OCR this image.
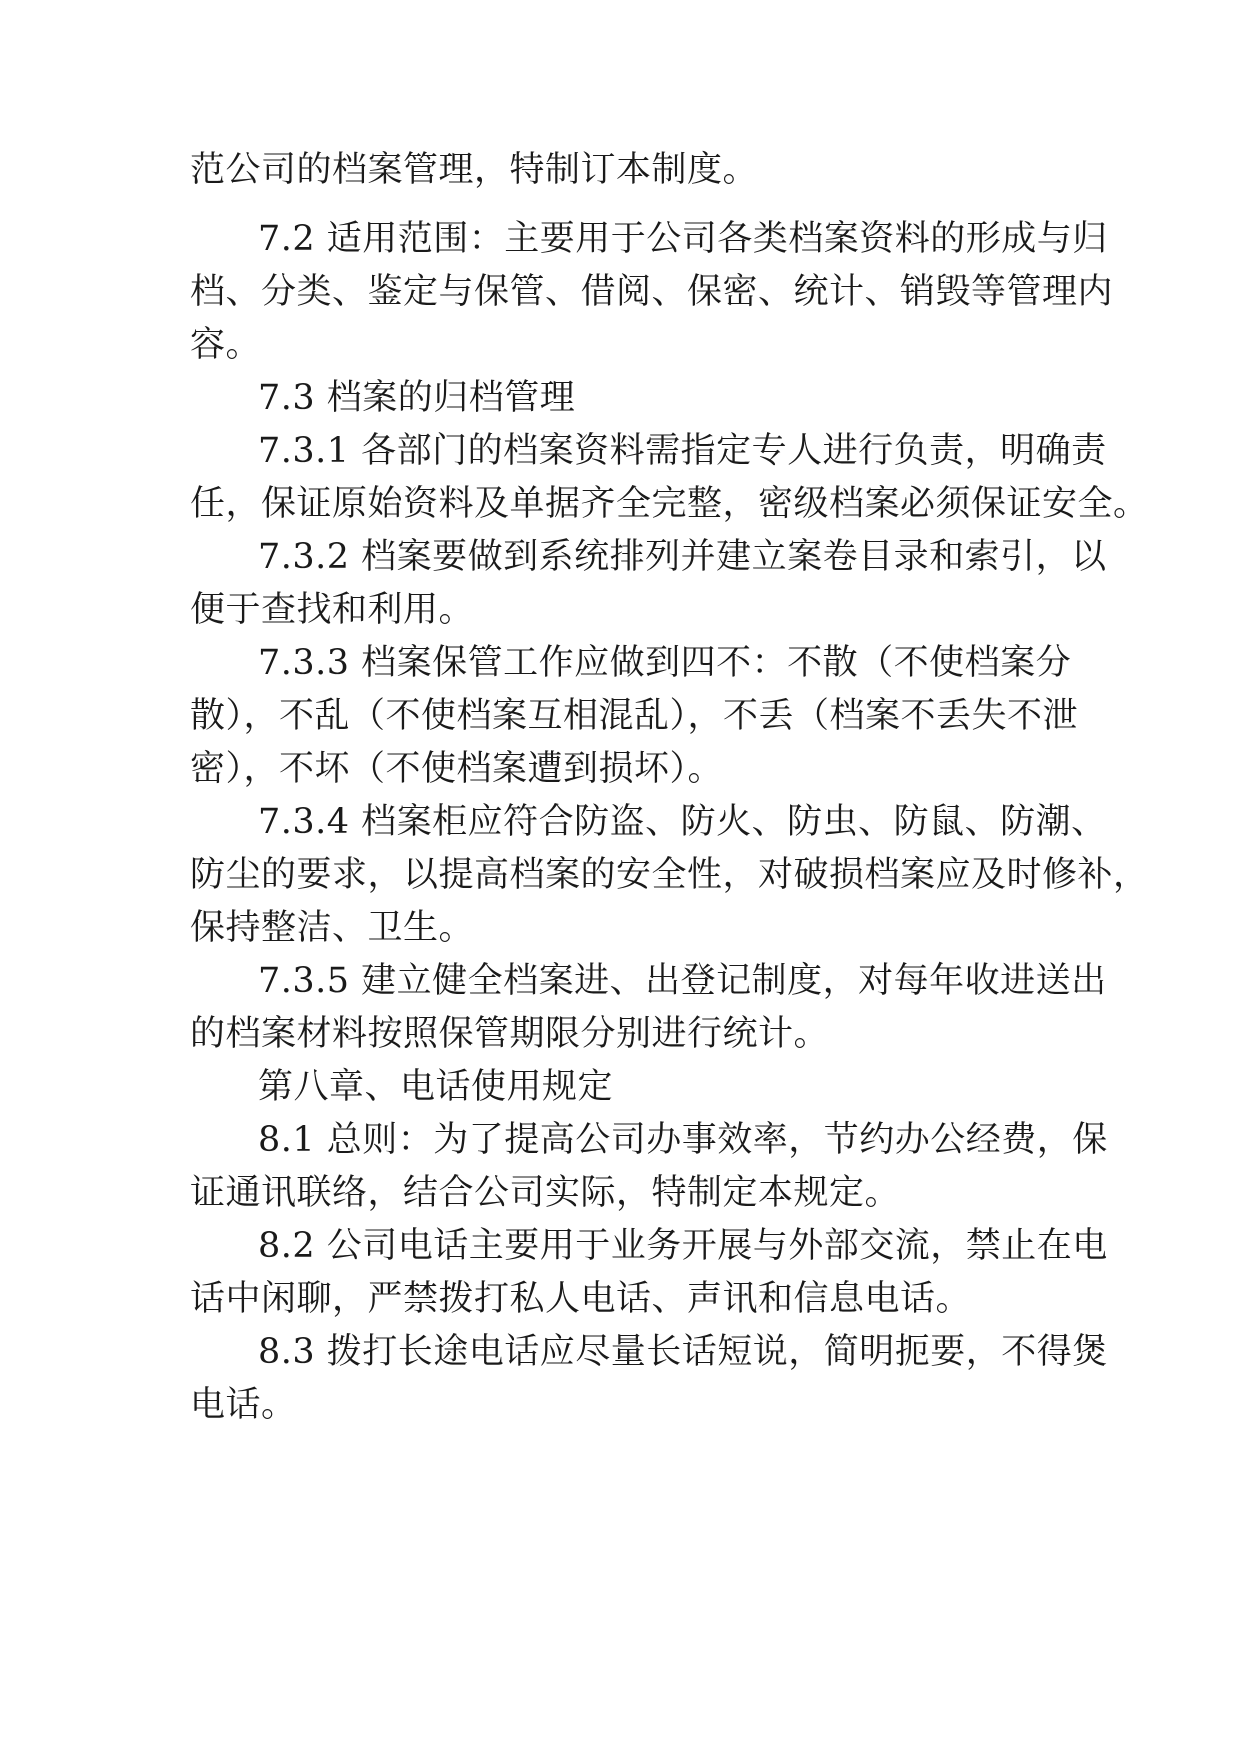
范公司的档案管理，特制订本制度。
7.2 适用范围：主要用于公司各类档案资料的形成与归
档、分类、鉴定与保管、借阅、保密、统计、销毁等管理内
容。
7.3 档案的归档管理
7.3.1 各部门的档案资料需指定专人进行负责，明确责
任，保证原始资料及单据齐全完整，密级档案必须保证安全。
7.3.2 档案要做到系统排列并建立案卷目录和索引，以
便于查找和利用。
7.3.3 档案保管工作应做到四不：不散（不使档案分
散），不乱（不使档案互相混乱），不丢（档案不丢失不泄
密），不坏（不使档案遭到损坏）。
7.3.4 档案柜应符合防盗、防火、防虫、防鼠、防潮、
防尘的要求，以提高档案的安全性，对破损档案应及时修补，
保持整洁、卫生。
7.3.5 建立健全档案进、出登记制度，对每年收进送出
的档案材料按照保管期限分别进行统计。
第八章、电话使用规定
8.1 总则：为了提高公司办事效率，节约办公经费，保
证通讯联络，结合公司实际，特制定本规定。
8.2 公司电话主要用于业务开展与外部交流，禁止在电
话中闲聊，严禁拨打私人电话、声讯和信息电话。
8.3 拨打长途电话应尽量长话短说，简明扼要，不得煲
电话。
